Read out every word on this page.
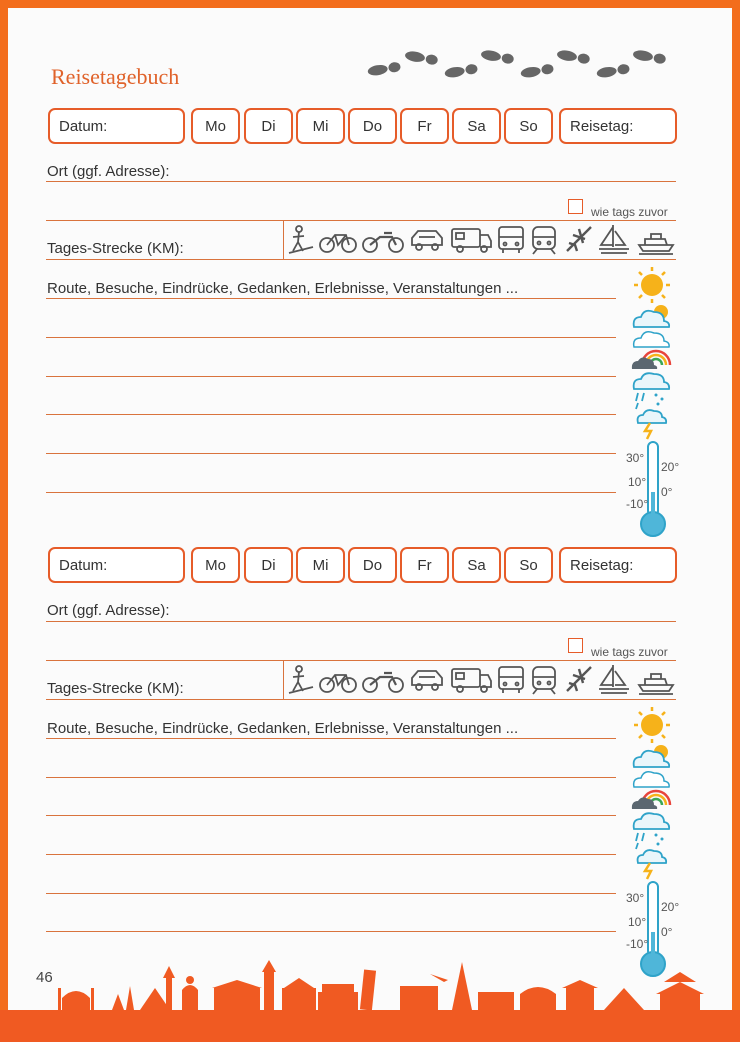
Reisetagebuch
Datum:	Mo Di Mi Do Fr Sa So Reisetag:
Ort (ggf. Adresse):
wie tags zuvor
Tages-Strecke (KM):
Route, Besuche, Eindrücke, Gedanken, Erlebnisse, Veranstaltungen ...
30°
20°
10°
0°
-10°
Datum:	Mo Di Mi Do Fr Sa So Reisetag:
Ort (ggf. Adresse):
wie tags zuvor
Tages-Strecke (KM):
Route, Besuche, Eindrücke, Gedanken, Erlebnisse, Veranstaltungen ...
30°
20°
10°
0°
-10°
46
